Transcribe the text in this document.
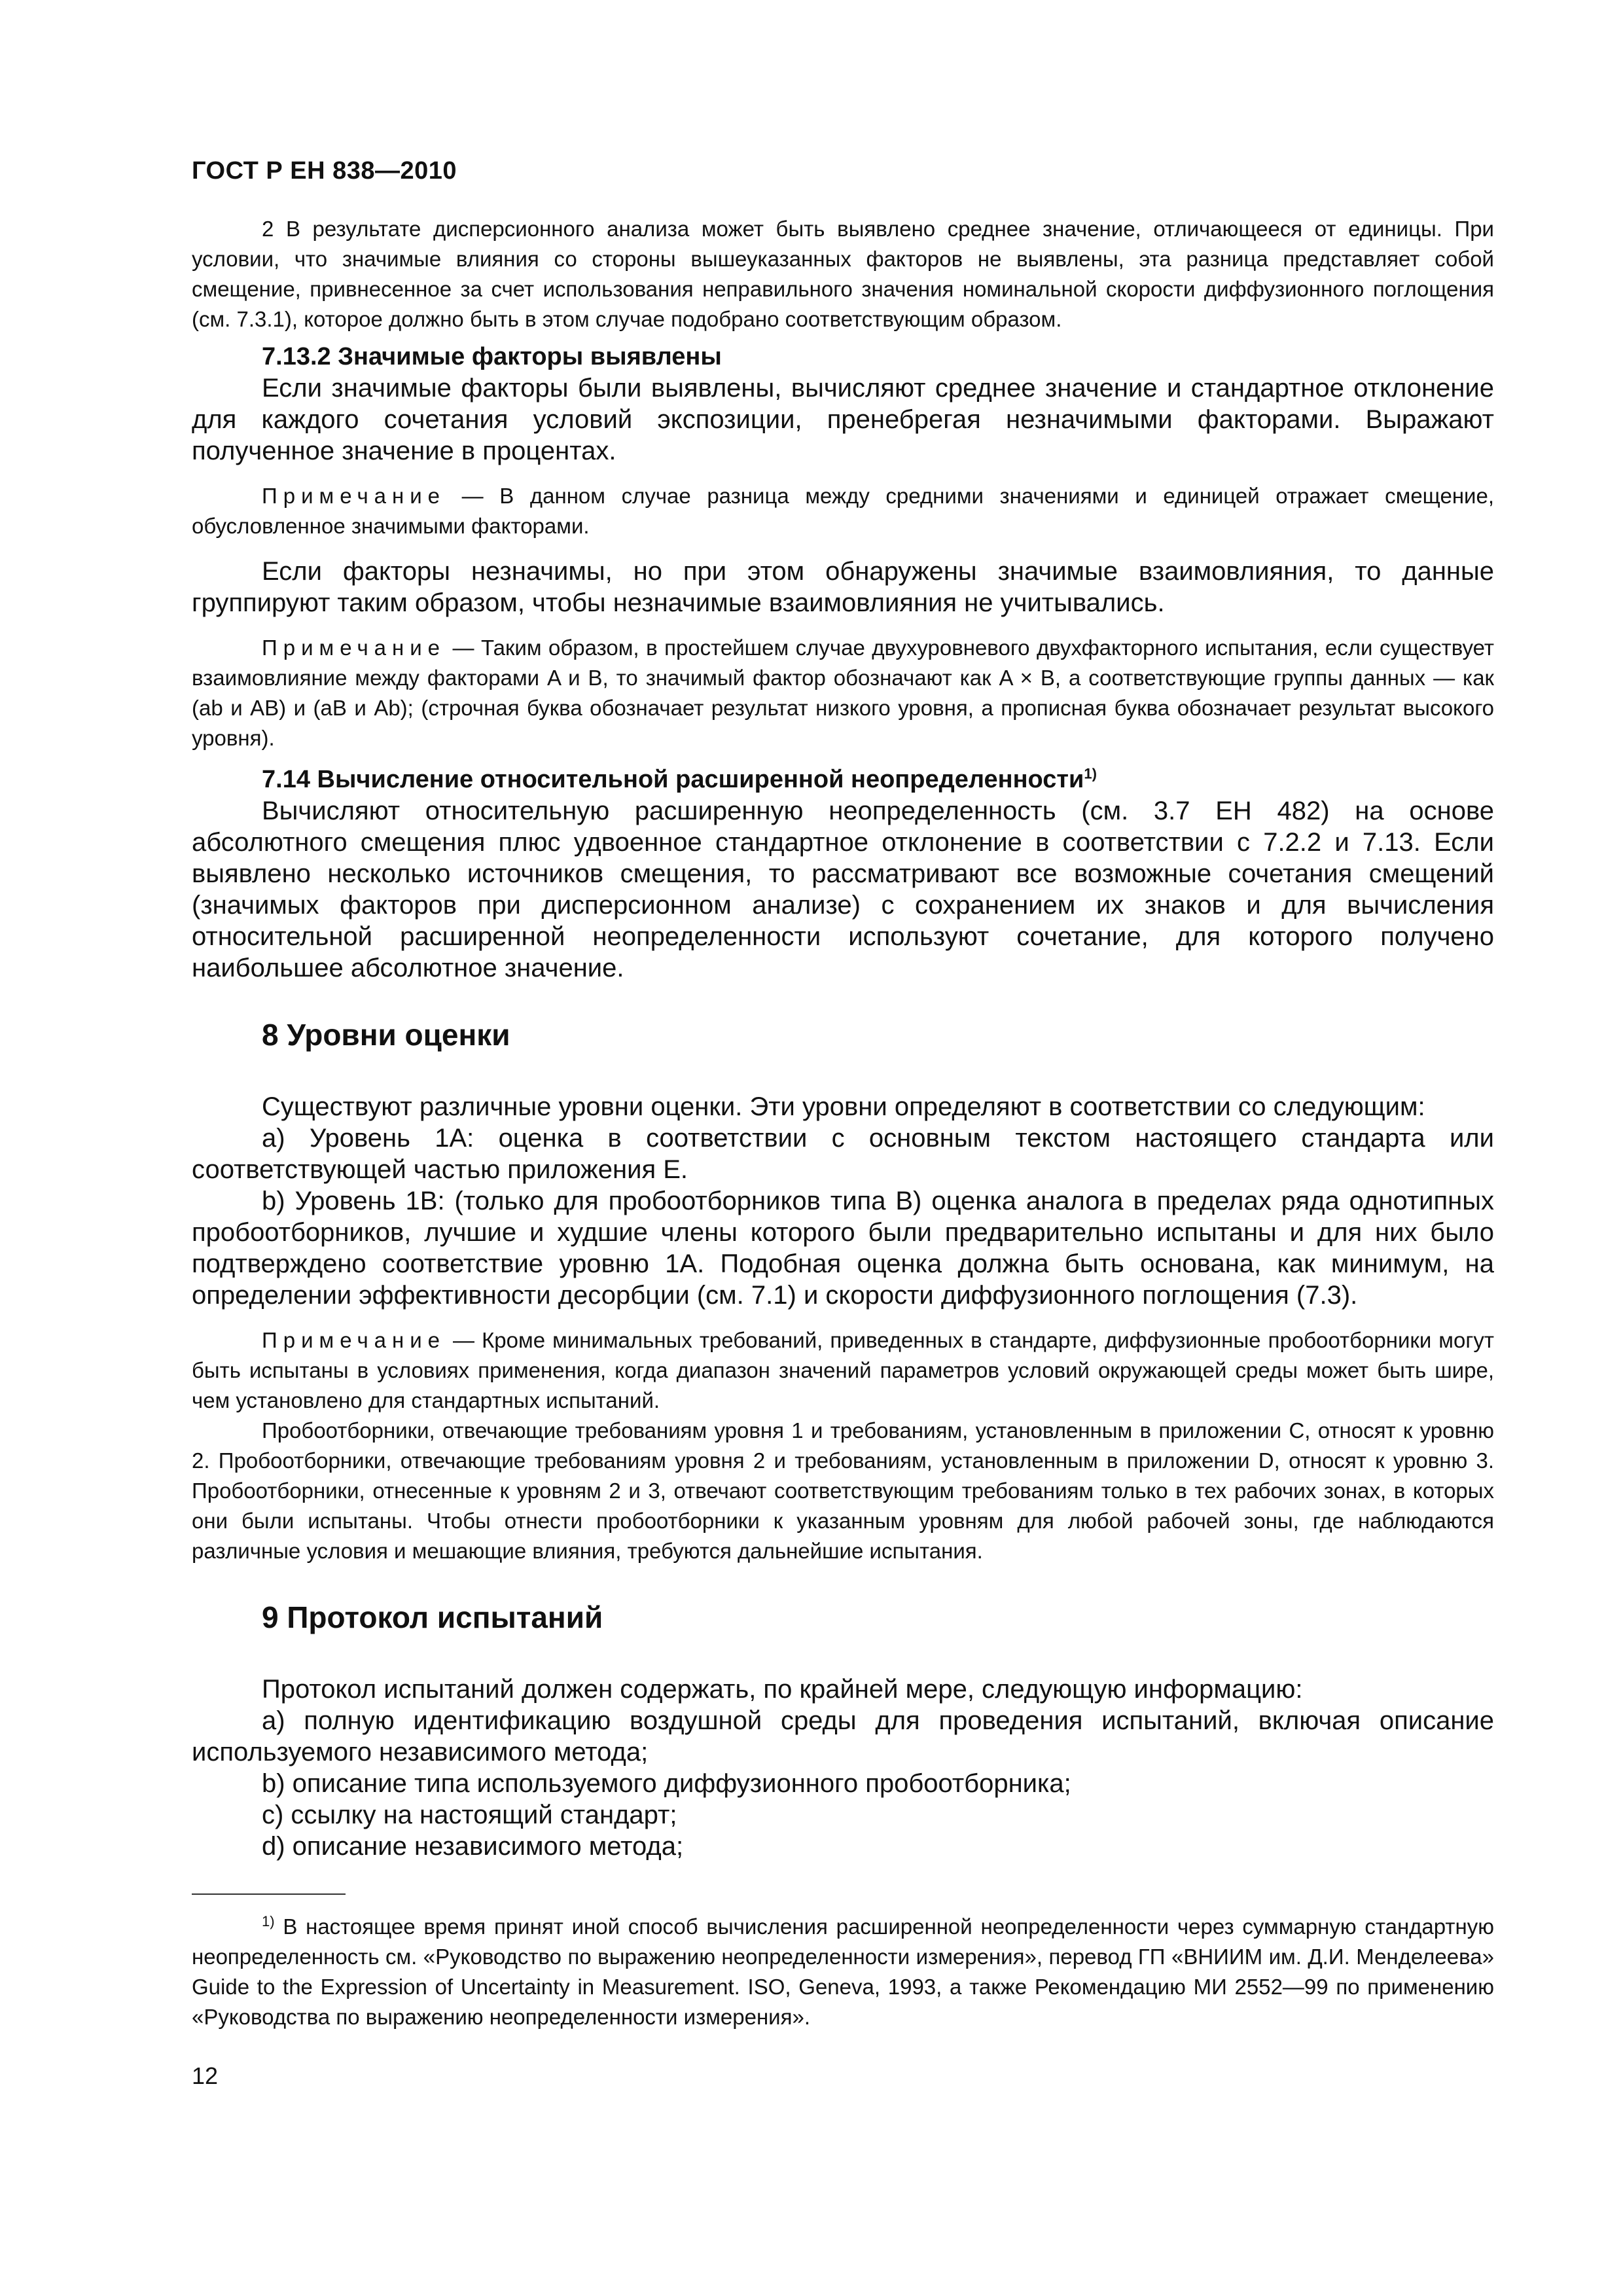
ГОСТ Р ЕН 838—2010

2 В результате дисперсионного анализа может быть выявлено среднее значение, отличающееся от единицы. При условии, что значимые влияния со стороны вышеуказанных факторов не выявлены, эта разница представляет собой смещение, привнесенное за счет использования неправильного значения номинальной скорости диффузионного поглощения (см. 7.3.1), которое должно быть в этом случае подобрано соответствующим образом.

7.13.2 Значимые факторы выявлены

Если значимые факторы были выявлены, вычисляют среднее значение и стандартное отклонение для каждого сочетания условий экспозиции, пренебрегая незначимыми факторами. Выражают полученное значение в процентах.

Примечание — В данном случае разница между средними значениями и единицей отражает смещение, обусловленное значимыми факторами.

Если факторы незначимы, но при этом обнаружены значимые взаимовлияния, то данные группируют таким образом, чтобы незначимые взаимовлияния не учитывались.

Примечание — Таким образом, в простейшем случае двухуровневого двухфакторного испытания, если существует взаимовлияние между факторами A и B, то значимый фактор обозначают как A × B, а соответствующие группы данных — как (ab и AB) и (aB и Ab); (строчная буква обозначает результат низкого уровня, а прописная буква обозначает результат высокого уровня).

7.14 Вычисление относительной расширенной неопределенности$^{1)}$

Вычисляют относительную расширенную неопределенность (см. 3.7 ЕН 482) на основе абсолютного смещения плюс удвоенное стандартное отклонение в соответствии с 7.2.2 и 7.13. Если выявлено несколько источников смещения, то рассматривают все возможные сочетания смещений (значимых факторов при дисперсионном анализе) с сохранением их знаков и для вычисления относительной расширенной неопределенности используют сочетание, для которого получено наибольшее абсолютное значение.

8 Уровни оценки

Существуют различные уровни оценки. Эти уровни определяют в соответствии со следующим:

a) Уровень 1A: оценка в соответствии с основным текстом настоящего стандарта или соответствующей частью приложения E.

b) Уровень 1B: (только для пробоотборников типа B) оценка аналога в пределах ряда однотипных пробоотборников, лучшие и худшие члены которого были предварительно испытаны и для них было подтверждено соответствие уровню 1A. Подобная оценка должна быть основана, как минимум, на определении эффективности десорбции (см. 7.1) и скорости диффузионного поглощения (7.3).

Примечание — Кроме минимальных требований, приведенных в стандарте, диффузионные пробоотборники могут быть испытаны в условиях применения, когда диапазон значений параметров условий окружающей среды может быть шире, чем установлено для стандартных испытаний.

Пробоотборники, отвечающие требованиям уровня 1 и требованиям, установленным в приложении C, относят к уровню 2. Пробоотборники, отвечающие требованиям уровня 2 и требованиям, установленным в приложении D, относят к уровню 3. Пробоотборники, отнесенные к уровням 2 и 3, отвечают соответствующим требованиям только в тех рабочих зонах, в которых они были испытаны. Чтобы отнести пробоотборники к указанным уровням для любой рабочей зоны, где наблюдаются различные условия и мешающие влияния, требуются дальнейшие испытания.

9 Протокол испытаний

Протокол испытаний должен содержать, по крайней мере, следующую информацию:

a) полную идентификацию воздушной среды для проведения испытаний, включая описание используемого независимого метода;

b) описание типа используемого диффузионного пробоотборника;

c) ссылку на настоящий стандарт;

d) описание независимого метода;

$^{1)}$ В настоящее время принят иной способ вычисления расширенной неопределенности через суммарную стандартную неопределенность см. «Руководство по выражению неопределенности измерения», перевод ГП «ВНИИМ им. Д.И. Менделеева» Guide to the Expression of Uncertainty in Measurement. ISO, Geneva, 1993, а также Рекомендацию МИ 2552—99 по применению «Руководства по выражению неопределенности измерения».

12
